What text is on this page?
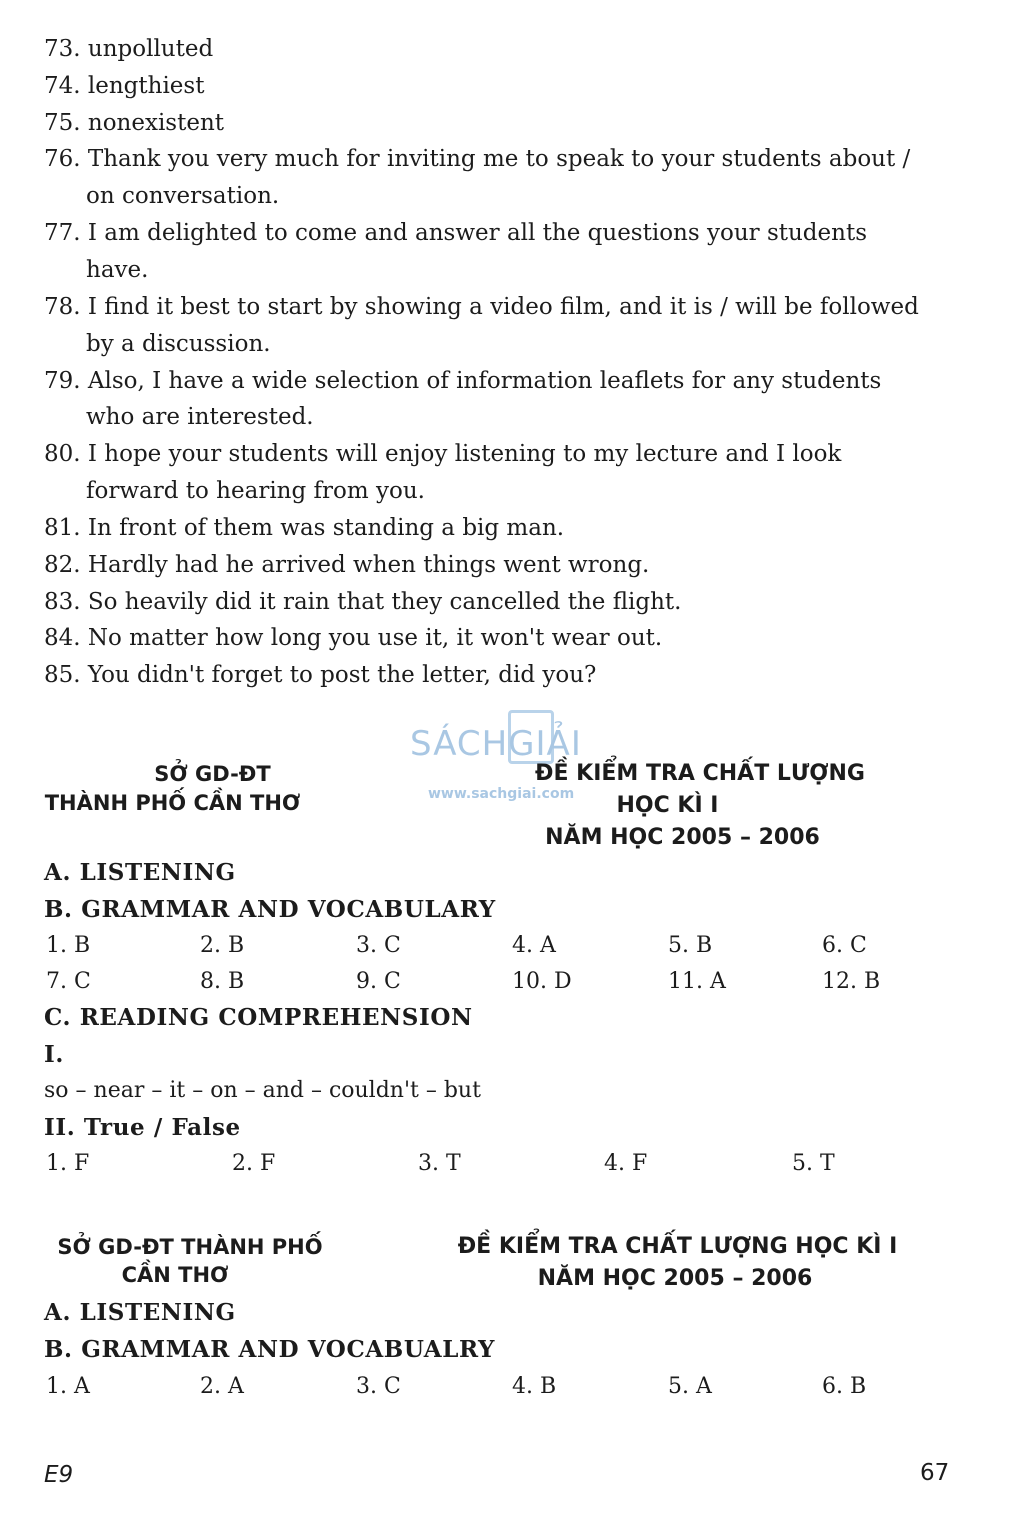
73. unpolluted
74. lengthiest
75. nonexistent
76. Thank you very much for inviting me to speak to your students about /
on conversation.
77. I am delighted to come and answer all the questions your students
have.
78. I find it best to start by showing a video film, and it is / will be followed
by a discussion.
79. Also, I have a wide selection of information leaflets for any students
who are interested.
80. I hope your students will enjoy listening to my lecture and I look
forward to hearing from you.
81. In front of them was standing a big man.
82. Hardly had he arrived when things went wrong.
83. So heavily did it rain that they cancelled the flight.
84. No matter how long you use it, it won't wear out.
85. You didn't forget to post the letter, did you?
SÁCHGIẢI
www.sachgiai.com
SỞ GD-ĐT
THÀNH PHỐ CẦN THƠ
ĐỀ KIỂM TRA CHẤT LƯỢNG
HỌC KÌ I
NĂM HỌC 2005 – 2006
A. LISTENING
B. GRAMMAR AND VOCABULARY
1. B	2. B	3. C	4. A	5. B	6. C
7. C	8. B	9. C	10. D	11. A	12. B
C. READING COMPREHENSION
I.
so – near – it – on – and – couldn't – but
II. True / False
1. F	2. F	3. T	4. F	5. T
SỞ GD-ĐT THÀNH PHỐ
CẦN THƠ
ĐỀ KIỂM TRA CHẤT LƯỢNG HỌC KÌ I
NĂM HỌC 2005 – 2006
A. LISTENING
B. GRAMMAR AND VOCABUALRY
1. A	2. A	3. C	4. B	5. A	6. B
E9	67
